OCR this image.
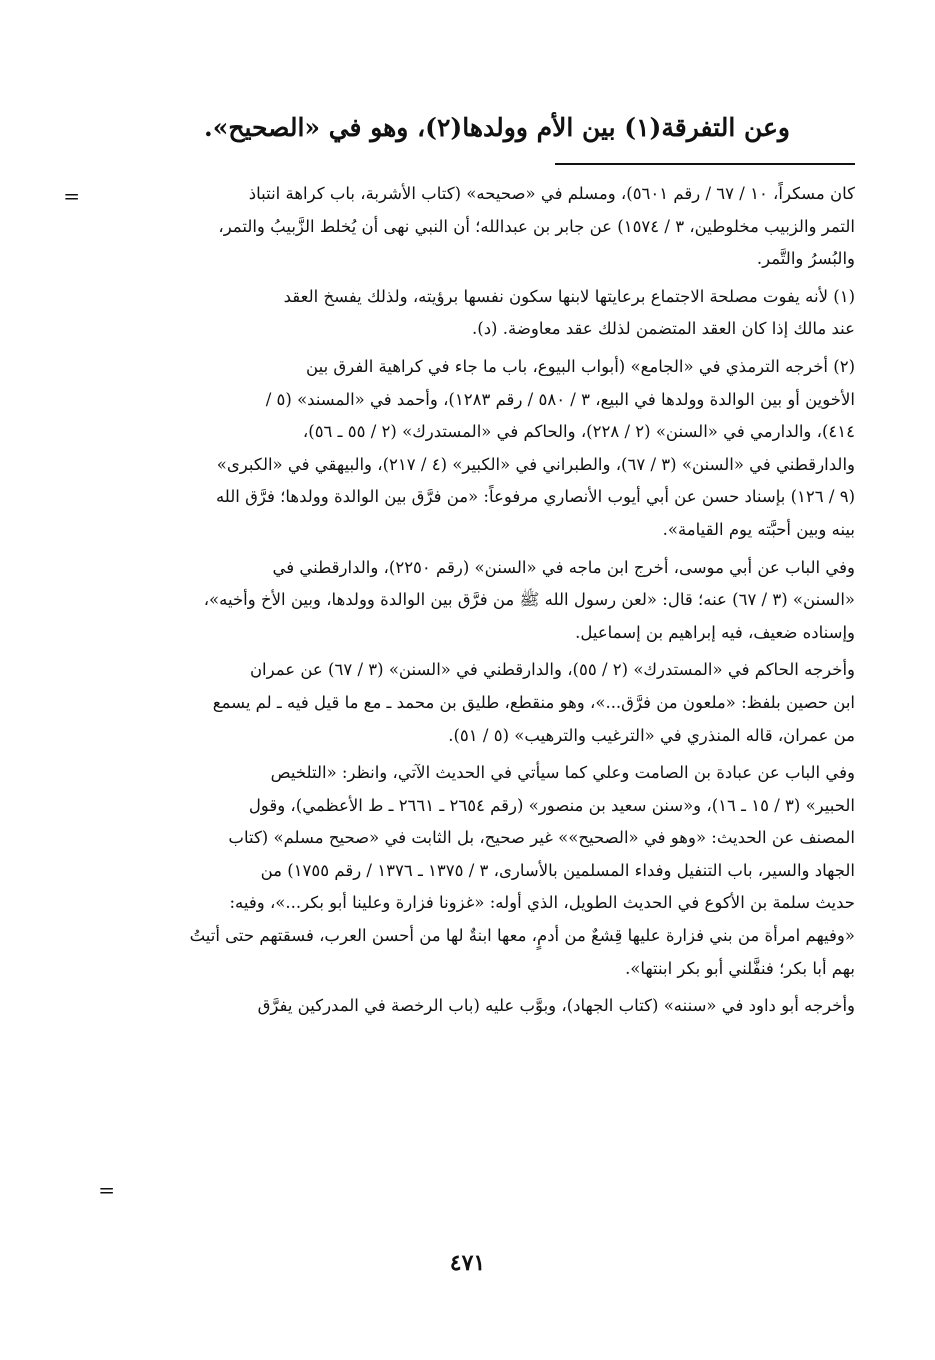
وعن التفرقة(١) بين الأم وولدها(٢)، وهو في «الصحيح».

=	كان مسكراً، ١٠ / ٦٧ / رقم ٥٦٠١)، ومسلم في «صحيحه» (كتاب الأشربة، باب كراهة انتباذ
التمر والزبيب مخلوطين، ٣ / ١٥٧٤) عن جابر بن عبدالله؛ أن النبي نهى أن يُخلط الزَّبيبُ والتمر،
والبُسرُ والتَّمر.
(١) لأنه يفوت مصلحة الاجتماع برعايتها لابنها سكون نفسها برؤيته، ولذلك يفسخ العقد
عند مالك إذا كان العقد المتضمن لذلك عقد معاوضة. (د).
(٢) أخرجه الترمذي في «الجامع» (أبواب البيوع، باب ما جاء في كراهية الفرق بين
الأخوين أو بين الوالدة وولدها في البيع، ٣ / ٥٨٠ / رقم ١٢٨٣)، وأحمد في «المسند» (٥ /
٤١٤)، والدارمي في «السنن» (٢ / ٢٢٨)، والحاكم في «المستدرك» (٢ / ٥٥ ـ ٥٦)،
والدارقطني في «السنن» (٣ / ٦٧)، والطبراني في «الكبير» (٤ / ٢١٧)، والبيهقي في «الكبرى»
(٩ / ١٢٦) بإسناد حسن عن أبي أيوب الأنصاري مرفوعاً: «من فرَّق بين الوالدة وولدها؛ فرَّق الله
بينه وبين أحبَّته يوم القيامة».
وفي الباب عن أبي موسى، أخرج ابن ماجه في «السنن» (رقم ٢٢٥٠)، والدارقطني في
«السنن» (٣ / ٦٧) عنه؛ قال: «لعن رسول الله ﷺ من فرَّق بين الوالدة وولدها، وبين الأخ وأخيه»،
وإسناده ضعيف، فيه إبراهيم بن إسماعيل.
وأخرجه الحاكم في «المستدرك» (٢ / ٥٥)، والدارقطني في «السنن» (٣ / ٦٧) عن عمران
ابن حصين بلفظ: «ملعون من فرَّق...»، وهو منقطع، طليق بن محمد ـ مع ما قيل فيه ـ لم يسمع
من عمران، قاله المنذري في «الترغيب والترهيب» (٥ / ٥١).
وفي الباب عن عبادة بن الصامت وعلي كما سيأتي في الحديث الآتي، وانظر: «التلخيص
الحبير» (٣ / ١٥ ـ ١٦)، و«سنن سعيد بن منصور» (رقم ٢٦٥٤ ـ ٢٦٦١ ـ ط الأعظمي)، وقول
المصنف عن الحديث: «وهو في «الصحيح»» غير صحيح، بل الثابت في «صحيح مسلم» (كتاب
الجهاد والسير، باب التنفيل وفداء المسلمين بالأسارى، ٣ / ١٣٧٥ ـ ١٣٧٦ / رقم ١٧٥٥) من
حديث سلمة بن الأكوع في الحديث الطويل، الذي أوله: «غزونا فزارة وعلينا أبو بكر...»، وفيه:
«وفيهم امرأة من بني فزارة عليها قِشعٌ من أدمٍ، معها ابنةٌ لها من أحسن العرب، فسقتهم حتى أتيتُ
بهم أبا بكر؛ فنفَّلني أبو بكر ابنتها».
وأخرجه أبو داود في «سننه» (كتاب الجهاد)، وبوَّب عليه (باب الرخصة في المدركين يفرَّق
=
٤٧١
